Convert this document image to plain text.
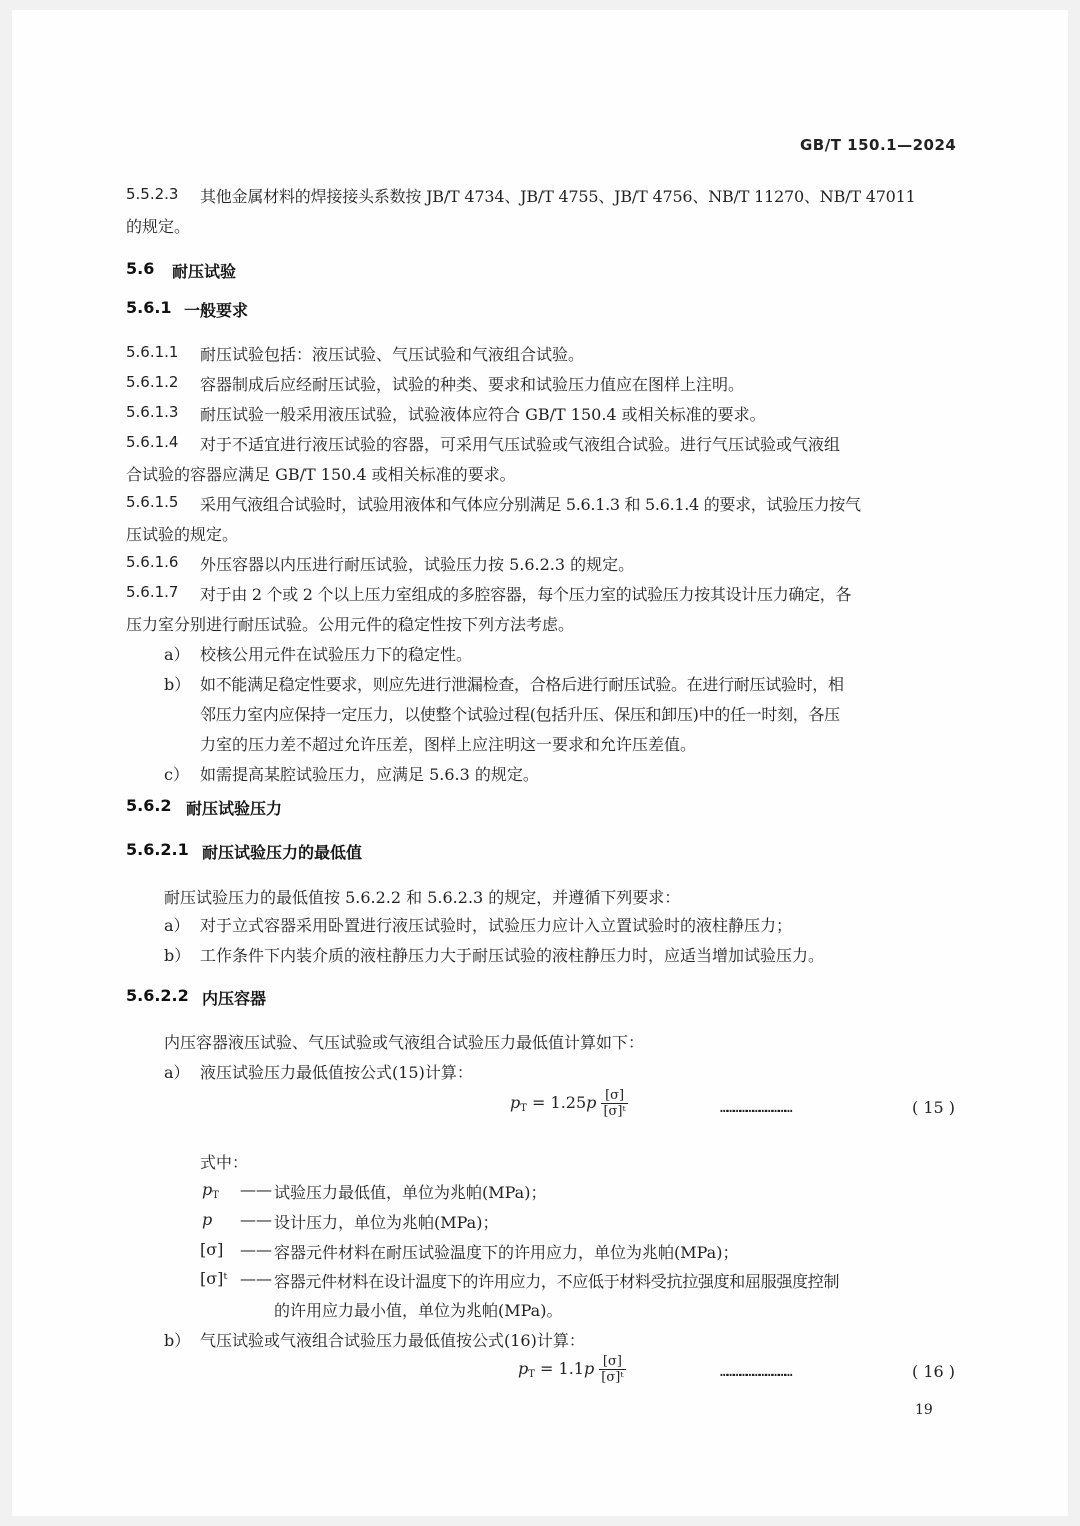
GB/T 150.1—2024
5.5.2.3 其他金属材料的焊接接头系数按 JB/T 4734、JB/T 4755、JB/T 4756、NB/T 11270、NB/T 47011
的规定。
5.6 耐压试验
5.6.1 一般要求
5.6.1.1 耐压试验包括：液压试验、气压试验和气液组合试验。
5.6.1.2 容器制成后应经耐压试验，试验的种类、要求和试验压力值应在图样上注明。
5.6.1.3 耐压试验一般采用液压试验，试验液体应符合 GB/T 150.4 或相关标准的要求。
5.6.1.4 对于不适宜进行液压试验的容器，可采用气压试验或气液组合试验。进行气压试验或气液组
合试验的容器应满足 GB/T 150.4 或相关标准的要求。
5.6.1.5 采用气液组合试验时，试验用液体和气体应分别满足 5.6.1.3 和 5.6.1.4 的要求，试验压力按气
压试验的规定。
5.6.1.6 外压容器以内压进行耐压试验，试验压力按 5.6.2.3 的规定。
5.6.1.7 对于由 2 个或 2 个以上压力室组成的多腔容器，每个压力室的试验压力按其设计压力确定，各
压力室分别进行耐压试验。公用元件的稳定性按下列方法考虑。
a） 校核公用元件在试验压力下的稳定性。
b） 如不能满足稳定性要求，则应先进行泄漏检查，合格后进行耐压试验。在进行耐压试验时，相
邻压力室内应保持一定压力，以使整个试验过程(包括升压、保压和卸压)中的任一时刻，各压
力室的压力差不超过允许压差，图样上应注明这一要求和允许压差值。
c） 如需提高某腔试验压力，应满足 5.6.3 的规定。
5.6.2 耐压试验压力
5.6.2.1 耐压试验压力的最低值
耐压试验压力的最低值按 5.6.2.2 和 5.6.2.3 的规定，并遵循下列要求：
a） 对于立式容器采用卧置进行液压试验时，试验压力应计入立置试验时的液柱静压力；
b） 工作条件下内装介质的液柱静压力大于耐压试验的液柱静压力时，应适当增加试验压力。
5.6.2.2 内压容器
内压容器液压试验、气压试验或气液组合试验压力最低值计算如下：
a） 液压试验压力最低值按公式(15)计算：
$p_T = 1.25p \frac{[\sigma]}{\text{[σ]ᵗ}}$	……………………………	( 15 )
式中：
$p_T$ —— 试验压力最低值，单位为兆帕(MPa)；
p —— 设计压力，单位为兆帕(MPa)；
[σ] —— 容器元件材料在耐压试验温度下的许用应力，单位为兆帕(MPa)；
[σ]ᵗ —— 容器元件材料在设计温度下的许用应力，不应低于材料受抗拉强度和屈服强度控制
的许用应力最小值，单位为兆帕(MPa)。
b） 气压试验或气液组合试验压力最低值按公式(16)计算：
$p_T = 1.1p \frac{[\sigma]}{\text{[σ]ᵗ}}$	……………………………	( 16 )
19
